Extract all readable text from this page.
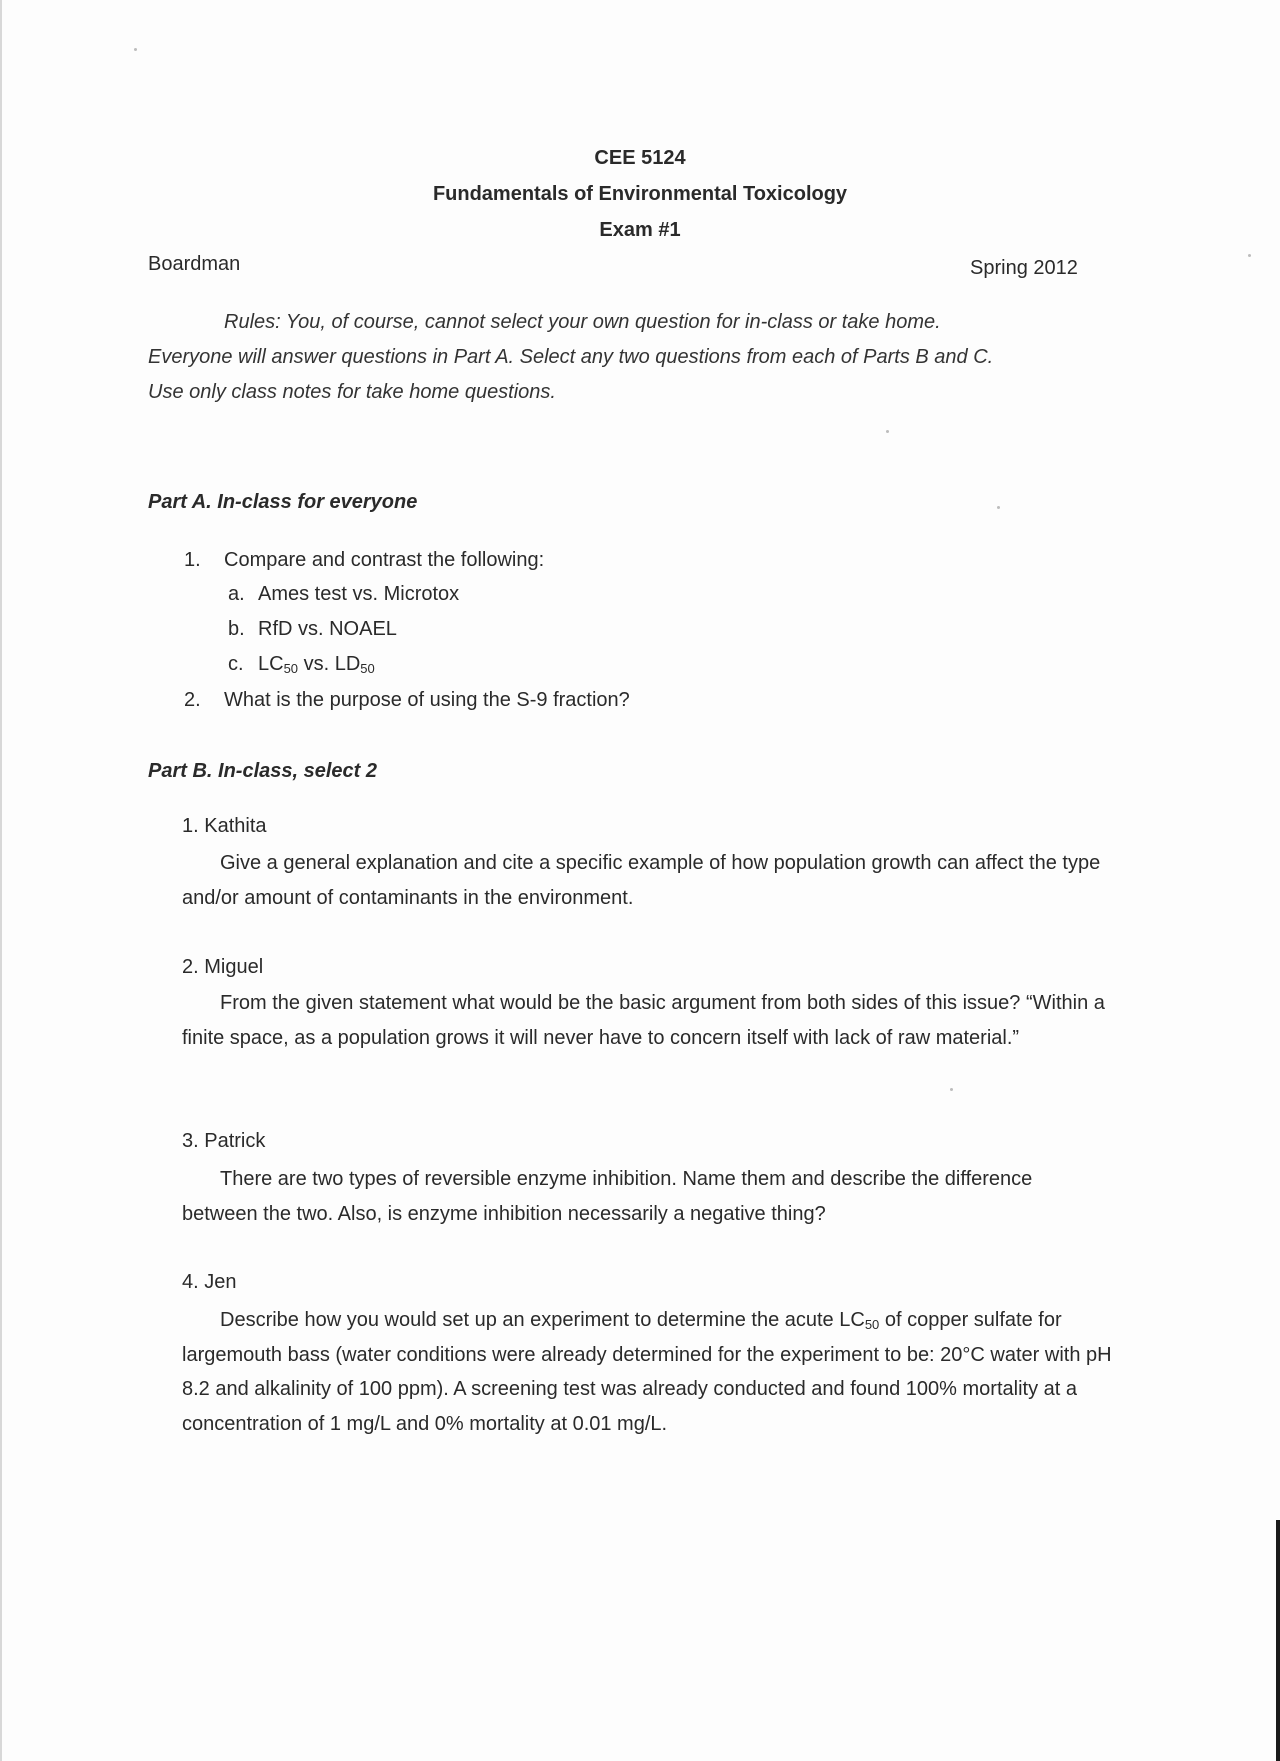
CEE 5124
Fundamentals of Environmental Toxicology
Exam #1
Boardman	Spring 2012

Rules: You, of course, cannot select your own question for in-class or take home.

Everyone will answer questions in Part A. Select any two questions from each of Parts B and C.

Use only class notes for take home questions.

Part A. In-class for everyone
1. Compare and contrast the following:
a. Ames test vs. Microtox
b. RfD vs. NOAEL
c. $LC_{50}$ vs. $LD_{50}$
2. What is the purpose of using the S-9 fraction?
Part B. In-class, select 2
1. Kathita

Give a general explanation and cite a specific example of how population growth can affect the type and/or amount of contaminants in the environment.

2. Miguel

From the given statement what would be the basic argument from both sides of this issue? “Within a finite space, as a population grows it will never have to concern itself with lack of raw material.”

3. Patrick

There are two types of reversible enzyme inhibition. Name them and describe the difference between the two. Also, is enzyme inhibition necessarily a negative thing?

4. Jen

Describe how you would set up an experiment to determine the acute $LC_{50}$ of copper sulfate for largemouth bass (water conditions were already determined for the experiment to be: 20°C water with pH 8.2 and alkalinity of 100 ppm). A screening test was already conducted and found 100% mortality at a concentration of 1 mg/L and 0% mortality at 0.01 mg/L.
